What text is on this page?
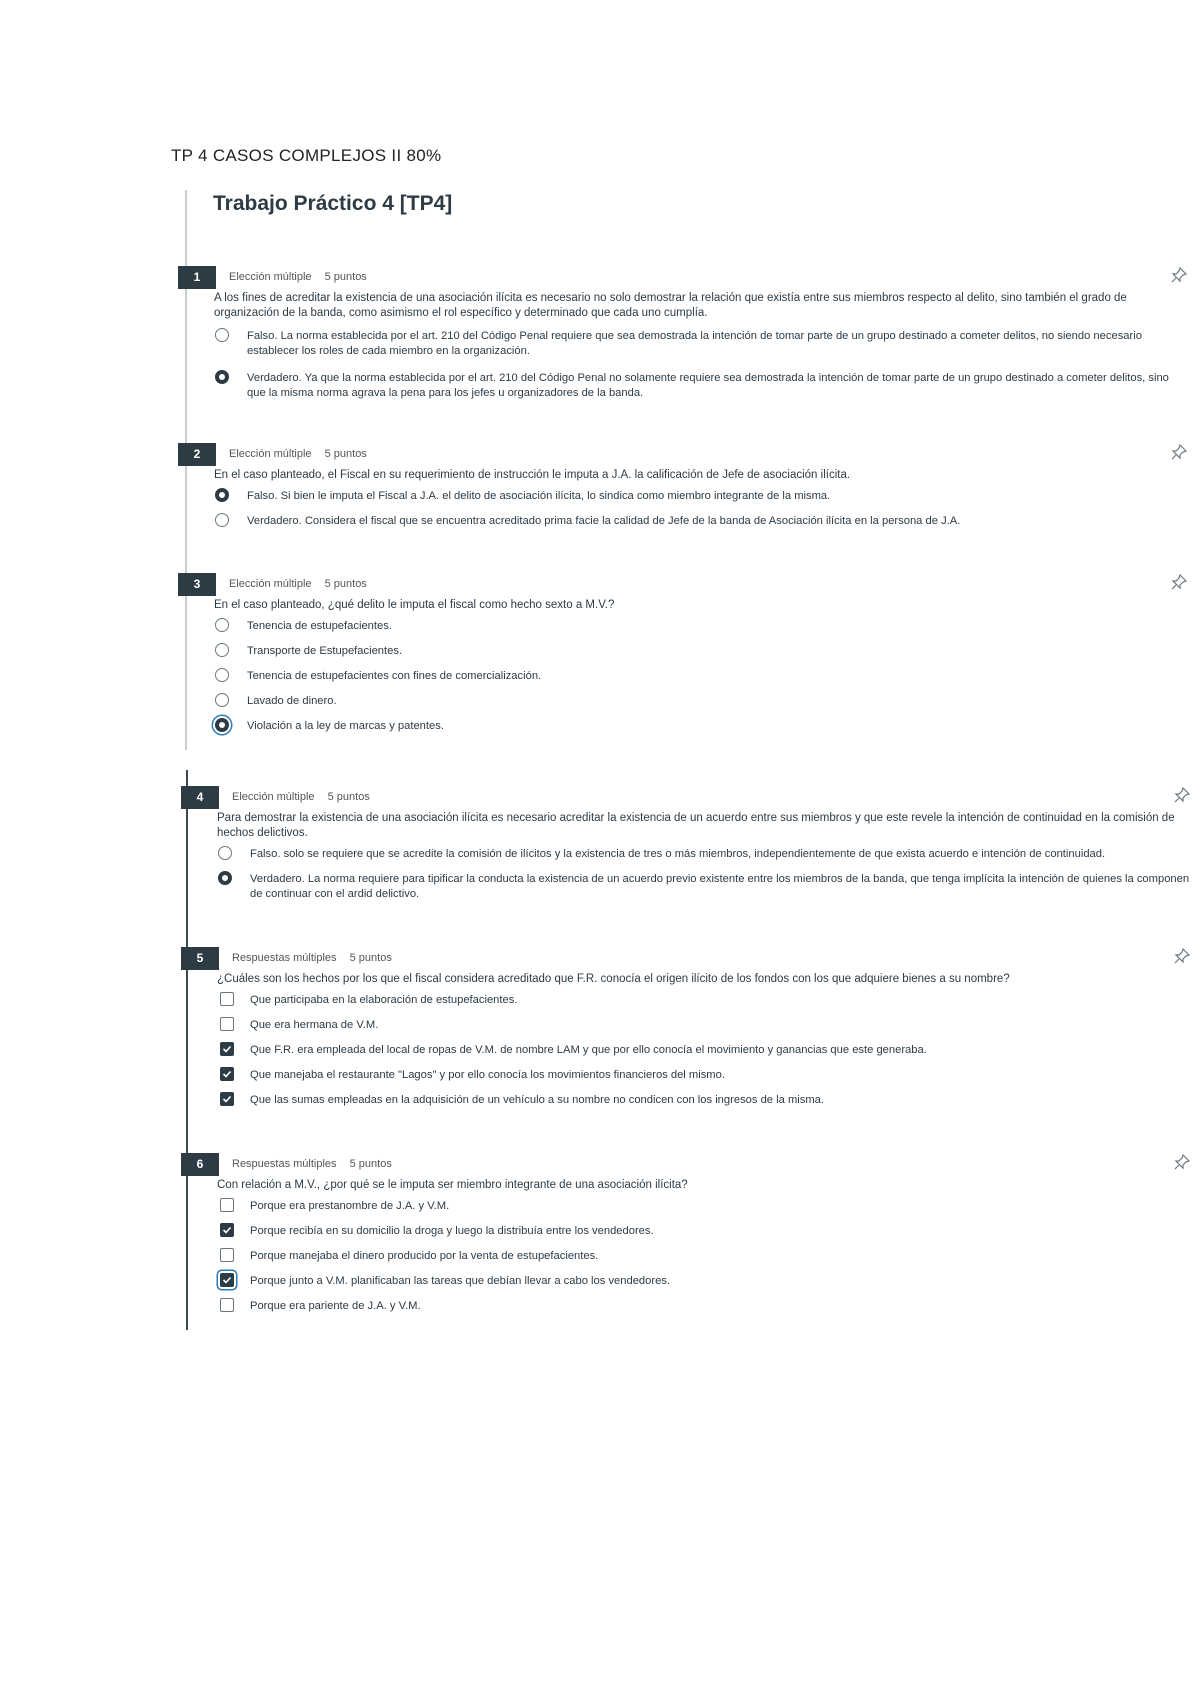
TP 4 CASOS COMPLEJOS II 80%
Trabajo Práctico 4 [TP4]
1	Elección múltiple 5 puntos
A los fines de acreditar la existencia de una asociación ilícita es necesario no solo demostrar la relación que existía entre sus miembros respecto al delito, sino también el grado de organización de la banda, como asimismo el rol específico y determinado que cada uno cumplía.
Falso. La norma establecida por el art. 210 del Código Penal requiere que sea demostrada la intención de tomar parte de un grupo destinado a cometer delitos, no siendo necesario establecer los roles de cada miembro en la organización.
Verdadero. Ya que la norma establecida por el art. 210 del Código Penal no solamente requiere sea demostrada la intención de tomar parte de un grupo destinado a cometer delitos, sino que la misma norma agrava la pena para los jefes u organizadores de la banda.
2	Elección múltiple 5 puntos
En el caso planteado, el Fiscal en su requerimiento de instrucción le imputa a J.A. la calificación de Jefe de asociación ilícita.
Falso. Si bien le imputa el Fiscal a J.A. el delito de asociación ilícita, lo sindica como miembro integrante de la misma.
Verdadero. Considera el fiscal que se encuentra acreditado prima facie la calidad de Jefe de la banda de Asociación ilícita en la persona de J.A.
3	Elección múltiple 5 puntos
En el caso planteado, ¿qué delito le imputa el fiscal como hecho sexto a M.V.?
Tenencia de estupefacientes.
Transporte de Estupefacientes.
Tenencia de estupefacientes con fines de comercialización.
Lavado de dinero.
Violación a la ley de marcas y patentes.
4	Elección múltiple 5 puntos
Para demostrar la existencia de una asociación ilícita es necesario acreditar la existencia de un acuerdo entre sus miembros y que este revele la intención de continuidad en la comisión de hechos delictivos.
Falso. solo se requiere que se acredite la comisión de ilícitos y la existencia de tres o más miembros, independientemente de que exista acuerdo e intención de continuidad.
Verdadero. La norma requiere para tipificar la conducta la existencia de un acuerdo previo existente entre los miembros de la banda, que tenga implícita la intención de quienes la componen de continuar con el ardid delictivo.
5	Respuestas múltiples 5 puntos
¿Cuáles son los hechos por los que el fiscal considera acreditado que F.R. conocía el origen ilícito de los fondos con los que adquiere bienes a su nombre?
Que participaba en la elaboración de estupefacientes.
Que era hermana de V.M.
Que F.R. era empleada del local de ropas de V.M. de nombre LAM y que por ello conocía el movimiento y ganancias que este generaba.
Que manejaba el restaurante "Lagos" y por ello conocía los movimientos financieros del mismo.
Que las sumas empleadas en la adquisición de un vehículo a su nombre no condicen con los ingresos de la misma.
6	Respuestas múltiples 5 puntos
Con relación a M.V., ¿por qué se le imputa ser miembro integrante de una asociación ilícita?
Porque era prestanombre de J.A. y V.M.
Porque recibía en su domicilio la droga y luego la distribuía entre los vendedores.
Porque manejaba el dinero producido por la venta de estupefacientes.
Porque junto a V.M. planificaban las tareas que debían llevar a cabo los vendedores.
Porque era pariente de J.A. y V.M.
